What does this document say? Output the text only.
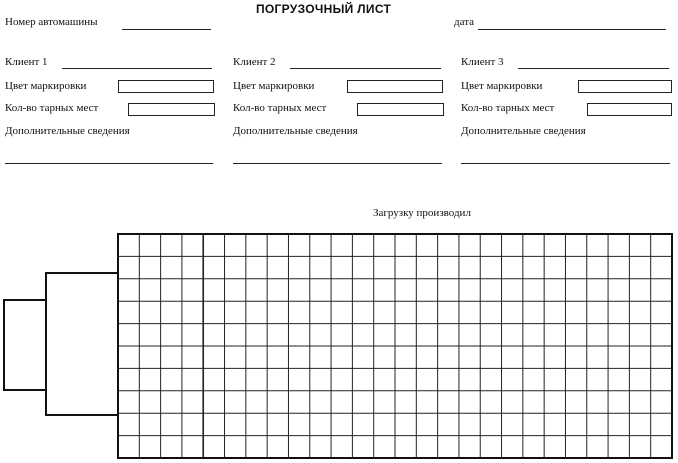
ПОГРУЗОЧНЫЙ ЛИСТ
Номер автомашины	дата
Клиент 1
Цвет маркировки
Кол-во тарных мест
Дополнительные сведения
Клиент 2
Цвет маркировки
Кол-во тарных мест
Дополнительные сведения
Клиент 3
Цвет маркировки
Кол-во тарных мест
Дополнительные сведения
Загрузку производил
